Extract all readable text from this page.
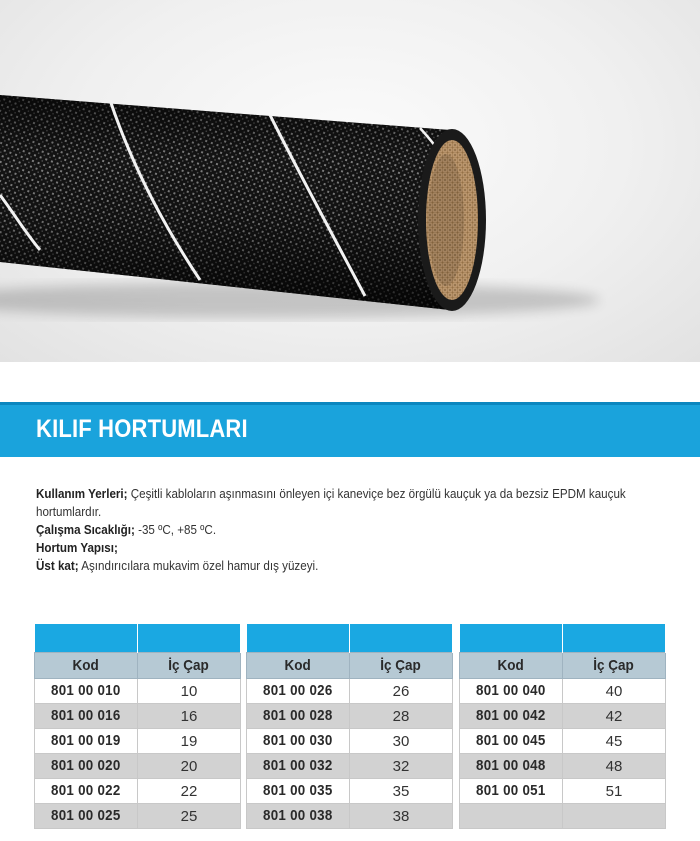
KILIF HORTUMLARI

Kullanım Yerleri; Çeşitli kabloların aşınmasını önleyen içi kaneviçe bez örgülü kauçuk ya da bezsiz EPDM kauçuk hortumlardır.

Çalışma Sıcaklığı; -35 ºC, +85 ºC.

Hortum Yapısı;

Üst kat; Aşındırıcılara mukavim özel hamur dış yüzeyi.

Kod	İç Çap
801 00 010	10
801 00 016	16
801 00 019	19
801 00 020	20
801 00 022	22
801 00 025	25

Kod	İç Çap
801 00 026	26
801 00 028	28
801 00 030	30
801 00 032	32
801 00 035	35
801 00 038	38

Kod	İç Çap
801 00 040	40
801 00 042	42
801 00 045	45
801 00 048	48
801 00 051	51
